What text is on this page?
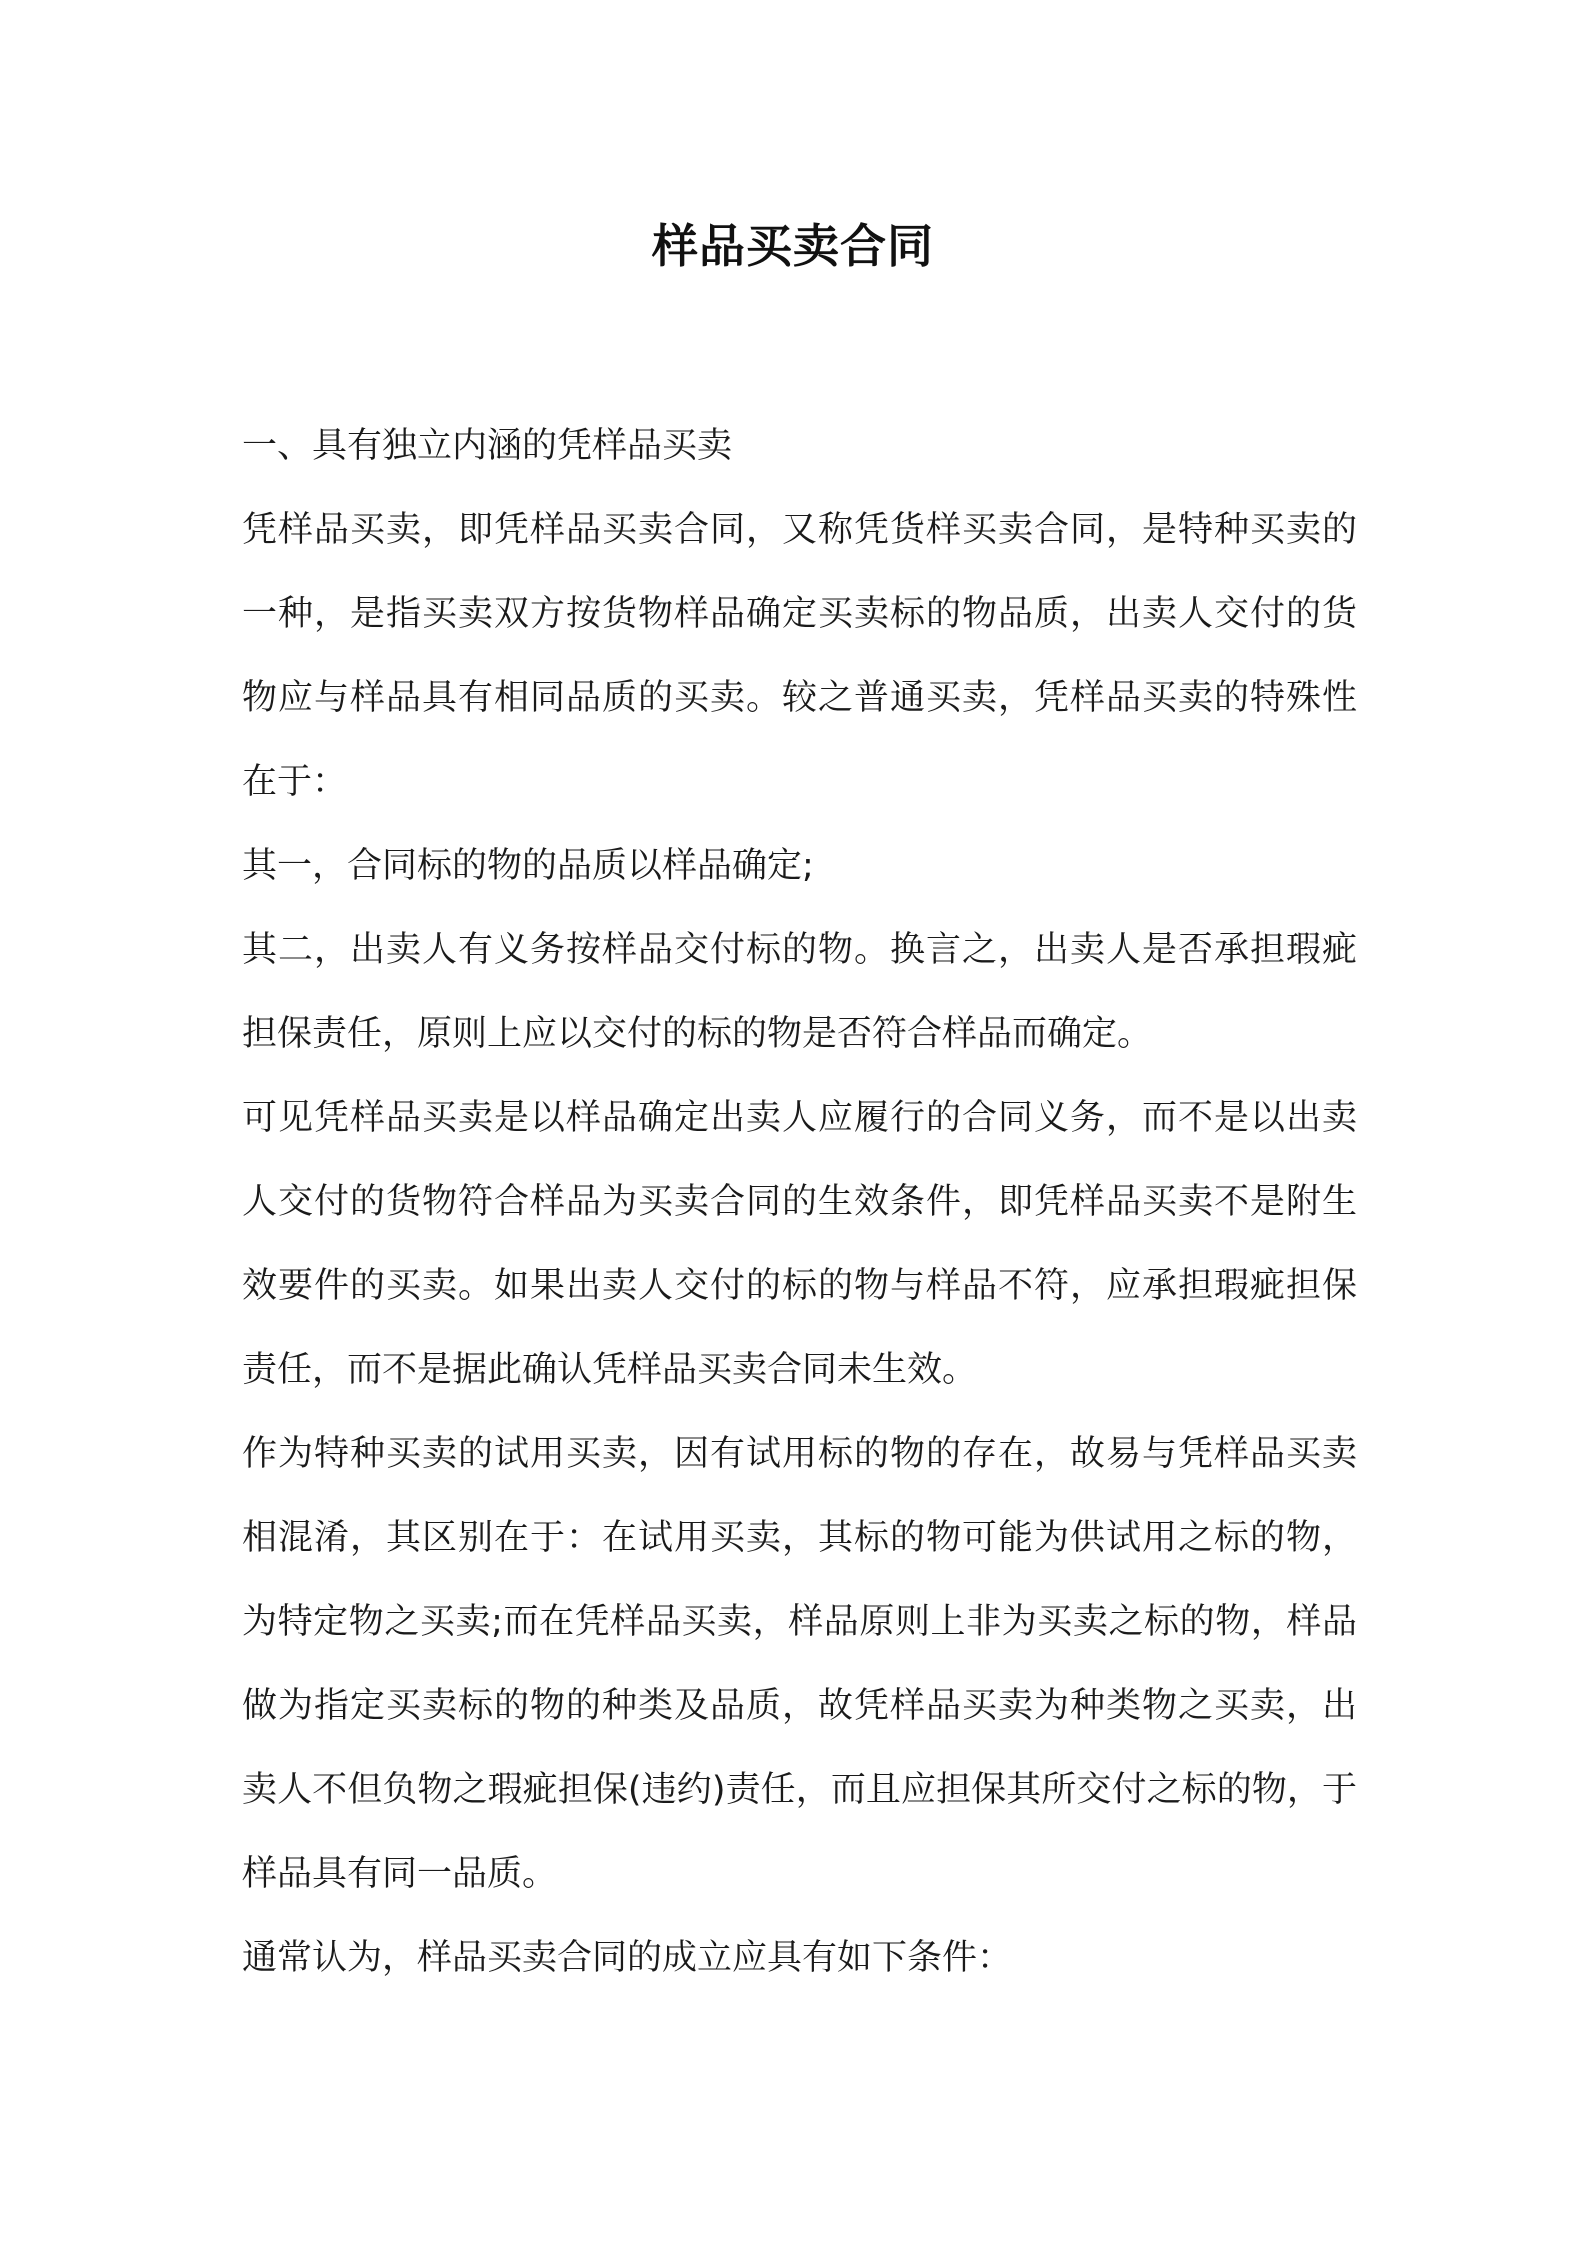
样品买卖合同

一、具有独立内涵的凭样品买卖

凭样品买卖，即凭样品买卖合同，又称凭货样买卖合同，是特种买卖的一种，是指买卖双方按货物样品确定买卖标的物品质，出卖人交付的货物应与样品具有相同品质的买卖。较之普通买卖，凭样品买卖的特殊性在于：

其一，合同标的物的品质以样品确定;

其二，出卖人有义务按样品交付标的物。换言之，出卖人是否承担瑕疵担保责任，原则上应以交付的标的物是否符合样品而确定。

可见凭样品买卖是以样品确定出卖人应履行的合同义务，而不是以出卖人交付的货物符合样品为买卖合同的生效条件，即凭样品买卖不是附生效要件的买卖。如果出卖人交付的标的物与样品不符，应承担瑕疵担保责任，而不是据此确认凭样品买卖合同未生效。

作为特种买卖的试用买卖，因有试用标的物的存在，故易与凭样品买卖相混淆，其区别在于：在试用买卖，其标的物可能为供试用之标的物，为特定物之买卖;而在凭样品买卖，样品原则上非为买卖之标的物，样品做为指定买卖标的物的种类及品质，故凭样品买卖为种类物之买卖，出卖人不但负物之瑕疵担保(违约)责任，而且应担保其所交付之标的物，于样品具有同一品质。

通常认为，样品买卖合同的成立应具有如下条件：
